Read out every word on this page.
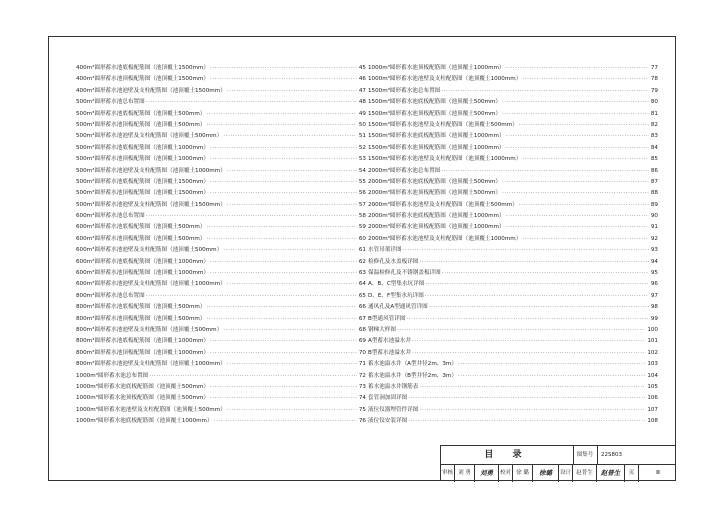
400m³圆形蓄水池底板配筋图（池顶覆土1500mm） ·····	45
400m³圆形蓄水池顶板配筋图（池顶覆土1500mm） ·····	46
400m³圆形蓄水池池壁及支柱配筋图（池顶覆土1500mm） ·····	47
500m³圆形蓄水池总布置图 ·····	48
500m³圆形蓄水池底板配筋图（池顶覆土500mm） ·····	49
500m³圆形蓄水池顶板配筋图（池顶覆土500mm） ·····	50
500m³圆形蓄水池池壁及支柱配筋图（池顶覆土500mm） ·····	51
500m³圆形蓄水池底板配筋图（池顶覆土1000mm） ·····	52
500m³圆形蓄水池顶板配筋图（池顶覆土1000mm） ·····	53
500m³圆形蓄水池池壁及支柱配筋图（池顶覆土1000mm） ·····	54
500m³圆形蓄水池底板配筋图（池顶覆土1500mm） ·····	55
500m³圆形蓄水池顶板配筋图（池顶覆土1500mm） ·····	56
500m³圆形蓄水池池壁及支柱配筋图（池顶覆土1500mm） ·····	57
600m³圆形蓄水池总布置图 ·····	58
600m³圆形蓄水池底板配筋图（池顶覆土500mm） ·····	59
600m³圆形蓄水池顶板配筋图（池顶覆土500mm） ·····	60
600m³圆形蓄水池池壁及支柱配筋图（池顶覆土500mm） ·····	61
600m³圆形蓄水池底板配筋图（池顶覆土1000mm） ·····	62
600m³圆形蓄水池顶板配筋图（池顶覆土1000mm） ·····	63
600m³圆形蓄水池池壁及支柱配筋图（池顶覆土1000mm） ·····	64
800m³圆形蓄水池总布置图 ·····	65
800m³圆形蓄水池底板配筋图（池顶覆土500mm） ·····	66
800m³圆形蓄水池顶板配筋图（池顶覆土500mm） ·····	67
800m³圆形蓄水池池壁及支柱配筋图（池顶覆土500mm） ·····	68
800m³圆形蓄水池底板配筋图（池顶覆土1000mm） ·····	69
800m³圆形蓄水池顶板配筋图（池顶覆土1000mm） ·····	70
800m³圆形蓄水池池壁及支柱配筋图（池顶覆土1000mm） ·····	71
1000m³圆形蓄水池总布置图 ·····	72
1000m³圆形蓄水池底板配筋图（池顶覆土500mm） ·····	73
1000m³圆形蓄水池顶板配筋图（池顶覆土500mm） ·····	74
1000m³圆形蓄水池池壁及支柱配筋图（池顶覆土500mm） ·····	75
1000m³圆形蓄水池底板配筋图（池顶覆土1000mm） ·····	76
1000m³圆形蓄水池顶板配筋图（池顶覆土1000mm） ·····	77
1000m³圆形蓄水池池壁及支柱配筋图（池顶覆土1000mm） ·····	78
1500m³圆形蓄水池总布置图 ·····	79
1500m³圆形蓄水池底板配筋图（池顶覆土500mm） ·····	80
1500m³圆形蓄水池顶板配筋图（池顶覆土500mm） ·····	81
1500m³圆形蓄水池池壁及支柱配筋图（池顶覆土500mm） ·····	82
1500m³圆形蓄水池底板配筋图（池顶覆土1000mm） ·····	83
1500m³圆形蓄水池顶板配筋图（池顶覆土1000mm） ·····	84
1500m³圆形蓄水池池壁及支柱配筋图（池顶覆土1000mm） ·····	85
2000m³圆形蓄水池总布置图 ·····	86
2000m³圆形蓄水池底板配筋图（池顶覆土500mm） ·····	87
2000m³圆形蓄水池顶板配筋图（池顶覆土500mm） ·····	88
2000m³圆形蓄水池池壁及支柱配筋图（池顶覆土500mm） ·····	89
2000m³圆形蓄水池底板配筋图（池顶覆土1000mm） ·····	90
2000m³圆形蓄水池顶板配筋图（池顶覆土1000mm） ·····	91
2000m³圆形蓄水池池壁及支柱配筋图（池顶覆土1000mm） ·····	92
水管吊架详图 ·····	93
检修孔及水盖板详图 ·····	94
保温检修孔及不锈钢盖板详图 ·····	95
A、B、C型集水坑详图 ·····	96
D、E、F型集水坑详图 ·····	97
通风孔及A型通风管详图 ·····	98
B型通风管详图 ·····	99
钢梯大样图 ·····	100
A型蓄水池溢水井 ·····	101
B型蓄水池溢水井 ·····	102
蓄水池溢水井（A型井径2m、3m） ·····	103
蓄水池溢水井（B型井径2m、3m） ·····	104
蓄水池溢水井钢筋表 ·····	105
套管洞加固详图 ·····	106
液位仪器埋管件详图 ·····	107
液位仪安装详图 ·····	108
目 录	图集号	22S803
审核 刘 勇	刘勇	校对 徐 璐	徐璐	设计 赵普生	赵普生	页	Ⅲ
